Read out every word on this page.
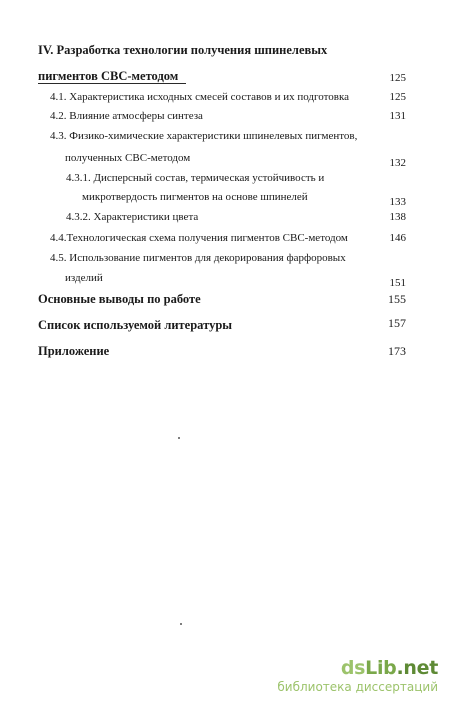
IV. Разработка технологии получения шпинелевых
пигментов СВС-методом	125
4.1. Характеристика исходных смесей составов и их подготовка	125
4.2. Влияние атмосферы синтеза	131
4.3. Физико-химические характеристики шпинелевых пигментов,
полученных СВС-методом	132
4.3.1. Дисперсный состав, термическая устойчивость и
микротвердость пигментов на основе шпинелей	133
4.3.2. Характеристики цвета	138
4.4.Технологическая схема получения пигментов СВС-методом	146
4.5. Использование пигментов для декорирования фарфоровых
изделий	151
Основные выводы по работе	155
Список используемой литературы	157
Приложение	173
dsLib.net
библиотека диссертаций
